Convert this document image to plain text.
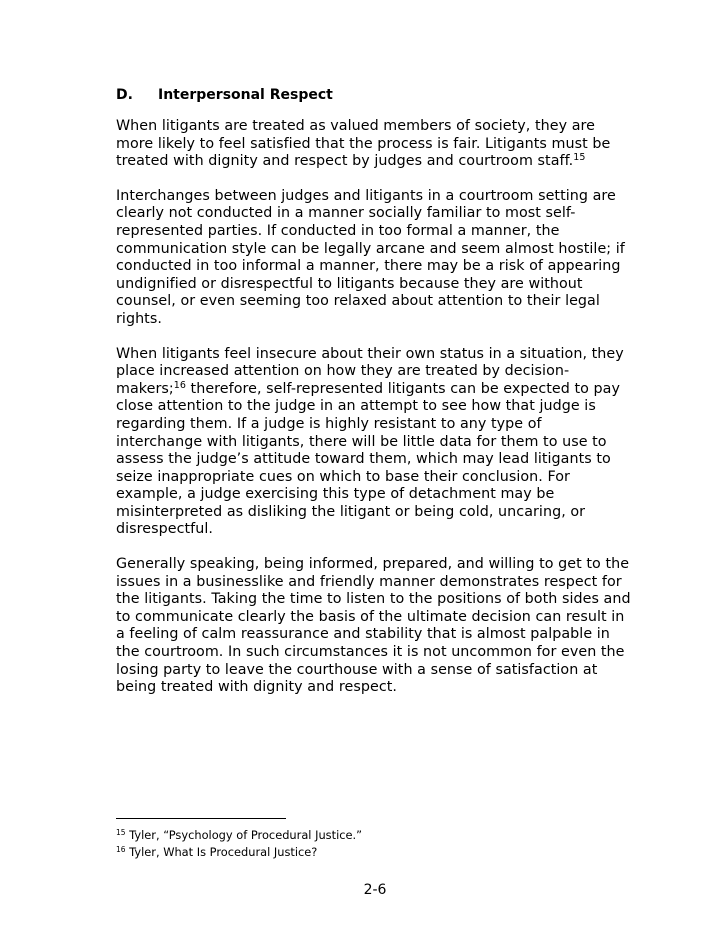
D. Interpersonal Respect

When litigants are treated as valued members of society, they are more likely to feel satisfied that the process is fair. Litigants must be treated with dignity and respect by judges and courtroom staff.$^{15}$

Interchanges between judges and litigants in a courtroom setting are clearly not conducted in a manner socially familiar to most self-represented parties. If conducted in too formal a manner, the communication style can be legally arcane and seem almost hostile; if conducted in too informal a manner, there may be a risk of appearing undignified or disrespectful to litigants because they are without counsel, or even seeming too relaxed about attention to their legal rights.

When litigants feel insecure about their own status in a situation, they place increased attention on how they are treated by decision-makers;$^{16}$ therefore, self-represented litigants can be expected to pay close attention to the judge in an attempt to see how that judge is regarding them. If a judge is highly resistant to any type of interchange with litigants, there will be little data for them to use to assess the judge’s attitude toward them, which may lead litigants to seize inappropriate cues on which to base their conclusion. For example, a judge exercising this type of detachment may be misinterpreted as disliking the litigant or being cold, uncaring, or disrespectful.

Generally speaking, being informed, prepared, and willing to get to the issues in a businesslike and friendly manner demonstrates respect for the litigants. Taking the time to listen to the positions of both sides and to communicate clearly the basis of the ultimate decision can result in a feeling of calm reassurance and stability that is almost palpable in the courtroom. In such circumstances it is not uncommon for even the losing party to leave the courthouse with a sense of satisfaction at being treated with dignity and respect.

$^{15}$ Tyler, “Psychology of Procedural Justice.”
$^{16}$ Tyler, What Is Procedural Justice?
2-6
